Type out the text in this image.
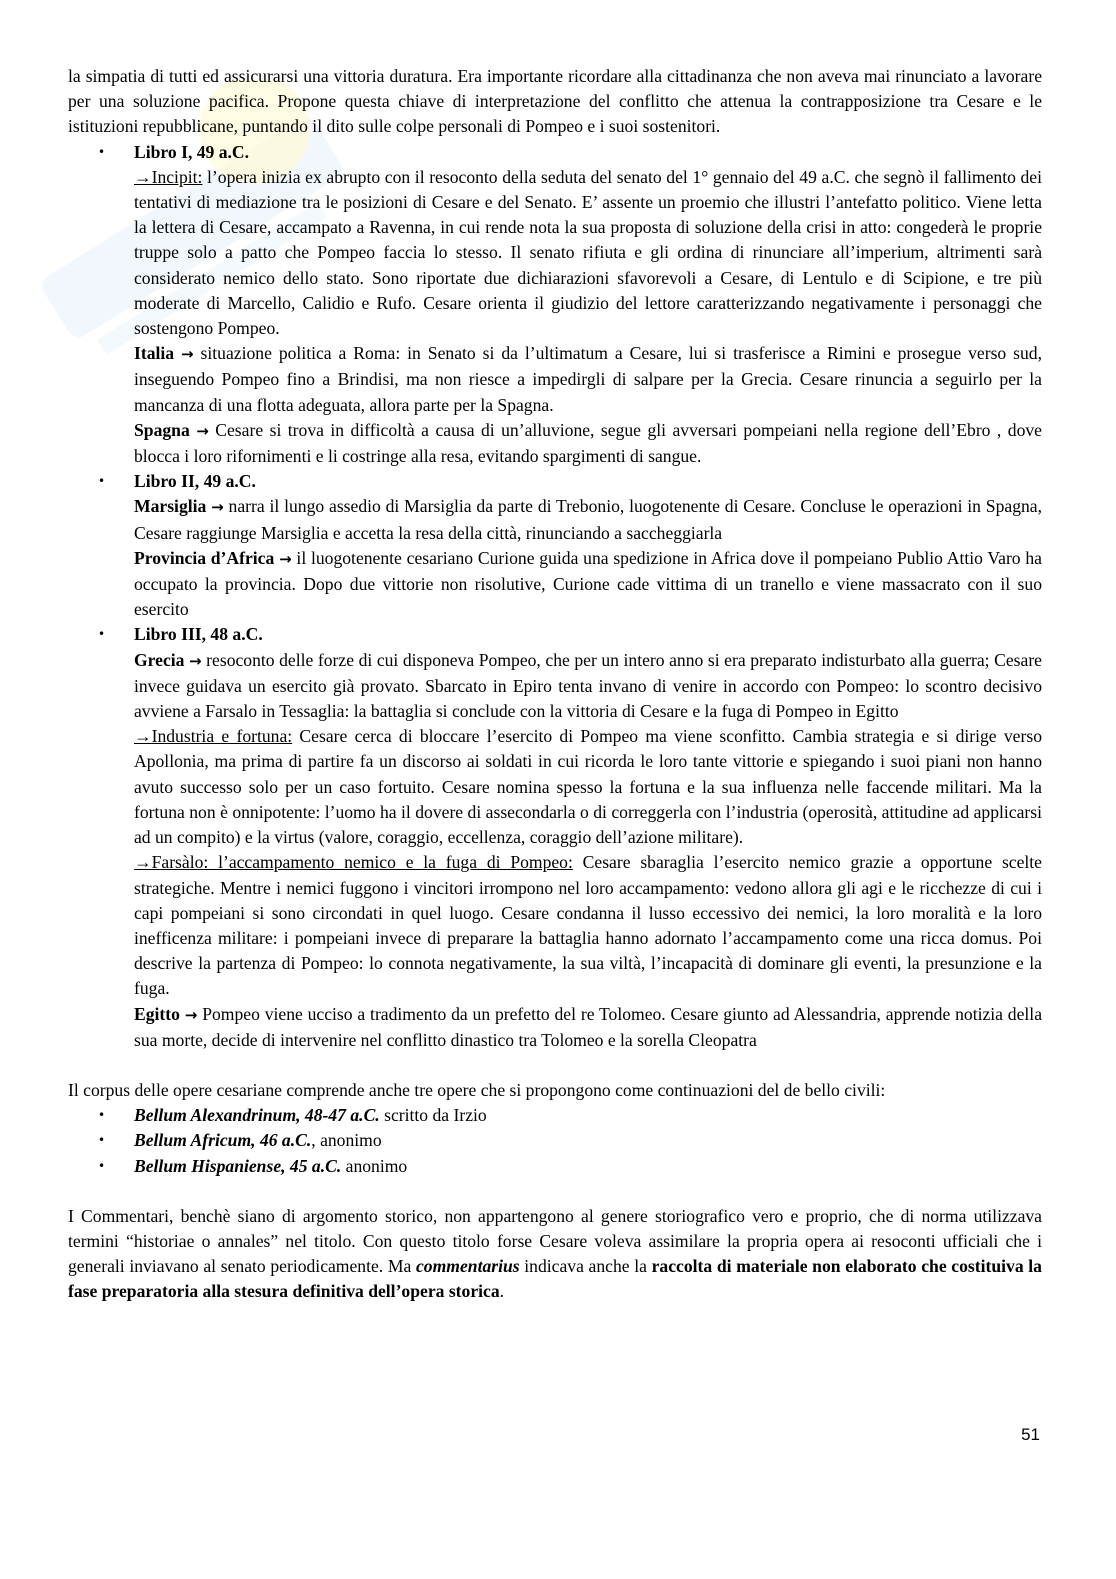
la simpatia di tutti ed assicurarsi una vittoria duratura. Era importante ricordare alla cittadinanza che non aveva mai rinunciato a lavorare per una soluzione pacifica. Propone questa chiave di interpretazione del conflitto che attenua la contrapposizione tra Cesare e le istituzioni repubblicane, puntando il dito sulle colpe personali di Pompeo e i suoi sostenitori.

• Libro I, 49 a.C.
→Incipit: l’opera inizia ex abrupto con il resoconto della seduta del senato del 1° gennaio del 49 a.C. che segnò il fallimento dei tentativi di mediazione tra le posizioni di Cesare e del Senato. E’ assente un proemio che illustri l’antefatto politico. Viene letta la lettera di Cesare, accampato a Ravenna, in cui rende nota la sua proposta di soluzione della crisi in atto: congederà le proprie truppe solo a patto che Pompeo faccia lo stesso. Il senato rifiuta e gli ordina di rinunciare all’imperium, altrimenti sarà considerato nemico dello stato. Sono riportate due dichiarazioni sfavorevoli a Cesare, di Lentulo e di Scipione, e tre più moderate di Marcello, Calidio e Rufo. Cesare orienta il giudizio del lettore caratterizzando negativamente i personaggi che sostengono Pompeo.
Italia → situazione politica a Roma: in Senato si da l’ultimatum a Cesare, lui si trasferisce a Rimini e prosegue verso sud, inseguendo Pompeo fino a Brindisi, ma non riesce a impedirgli di salpare per la Grecia. Cesare rinuncia a seguirlo per la mancanza di una flotta adeguata, allora parte per la Spagna.
Spagna → Cesare si trova in difficoltà a causa di un’alluvione, segue gli avversari pompeiani nella regione dell’Ebro , dove blocca i loro rifornimenti e li costringe alla resa, evitando spargimenti di sangue.
• Libro II, 49 a.C.
Marsiglia → narra il lungo assedio di Marsiglia da parte di Trebonio, luogotenente di Cesare. Concluse le operazioni in Spagna, Cesare raggiunge Marsiglia e accetta la resa della città, rinunciando a saccheggiarla
Provincia d’Africa → il luogotenente cesariano Curione guida una spedizione in Africa dove il pompeiano Publio Attio Varo ha occupato la provincia. Dopo due vittorie non risolutive, Curione cade vittima di un tranello e viene massacrato con il suo esercito
• Libro III, 48 a.C.
Grecia → resoconto delle forze di cui disponeva Pompeo, che per un intero anno si era preparato indisturbato alla guerra; Cesare invece guidava un esercito già provato. Sbarcato in Epiro tenta invano di venire in accordo con Pompeo: lo scontro decisivo avviene a Farsalo in Tessaglia: la battaglia si conclude con la vittoria di Cesare e la fuga di Pompeo in Egitto
→Industria e fortuna: Cesare cerca di bloccare l’esercito di Pompeo ma viene sconfitto. Cambia strategia e si dirige verso Apollonia, ma prima di partire fa un discorso ai soldati in cui ricorda le loro tante vittorie e spiegando i suoi piani non hanno avuto successo solo per un caso fortuito. Cesare nomina spesso la fortuna e la sua influenza nelle faccende militari. Ma la fortuna non è onnipotente: l’uomo ha il dovere di assecondarla o di correggerla con l’industria (operosità, attitudine ad applicarsi ad un compito) e la virtus (valore, coraggio, eccellenza, coraggio dell’azione militare).
→Farsàlo: l’accampamento nemico e la fuga di Pompeo: Cesare sbaraglia l’esercito nemico grazie a opportune scelte strategiche. Mentre i nemici fuggono i vincitori irrompono nel loro accampamento: vedono allora gli agi e le ricchezze di cui i capi pompeiani si sono circondati in quel luogo. Cesare condanna il lusso eccessivo dei nemici, la loro moralità e la loro inefficenza militare: i pompeiani invece di preparare la battaglia hanno adornato l’accampamento come una ricca domus. Poi descrive la partenza di Pompeo: lo connota negativamente, la sua viltà, l’incapacità di dominare gli eventi, la presunzione e la fuga.
Egitto → Pompeo viene ucciso a tradimento da un prefetto del re Tolomeo. Cesare giunto ad Alessandria, apprende notizia della sua morte, decide di intervenire nel conflitto dinastico tra Tolomeo e la sorella Cleopatra

Il corpus delle opere cesariane comprende anche tre opere che si propongono come continuazioni del de bello civili:

• Bellum Alexandrinum, 48-47 a.C. scritto da Irzio
• Bellum Africum, 46 a.C., anonimo
• Bellum Hispaniense, 45 a.C. anonimo

I Commentari, benchè siano di argomento storico, non appartengono al genere storiografico vero e proprio, che di norma utilizzava termini “historiae o annales” nel titolo. Con questo titolo forse Cesare voleva assimilare la propria opera ai resoconti ufficiali che i generali inviavano al senato periodicamente. Ma commentarius indicava anche la raccolta di materiale non elaborato che costituiva la fase preparatoria alla stesura definitiva dell’opera storica.

51
